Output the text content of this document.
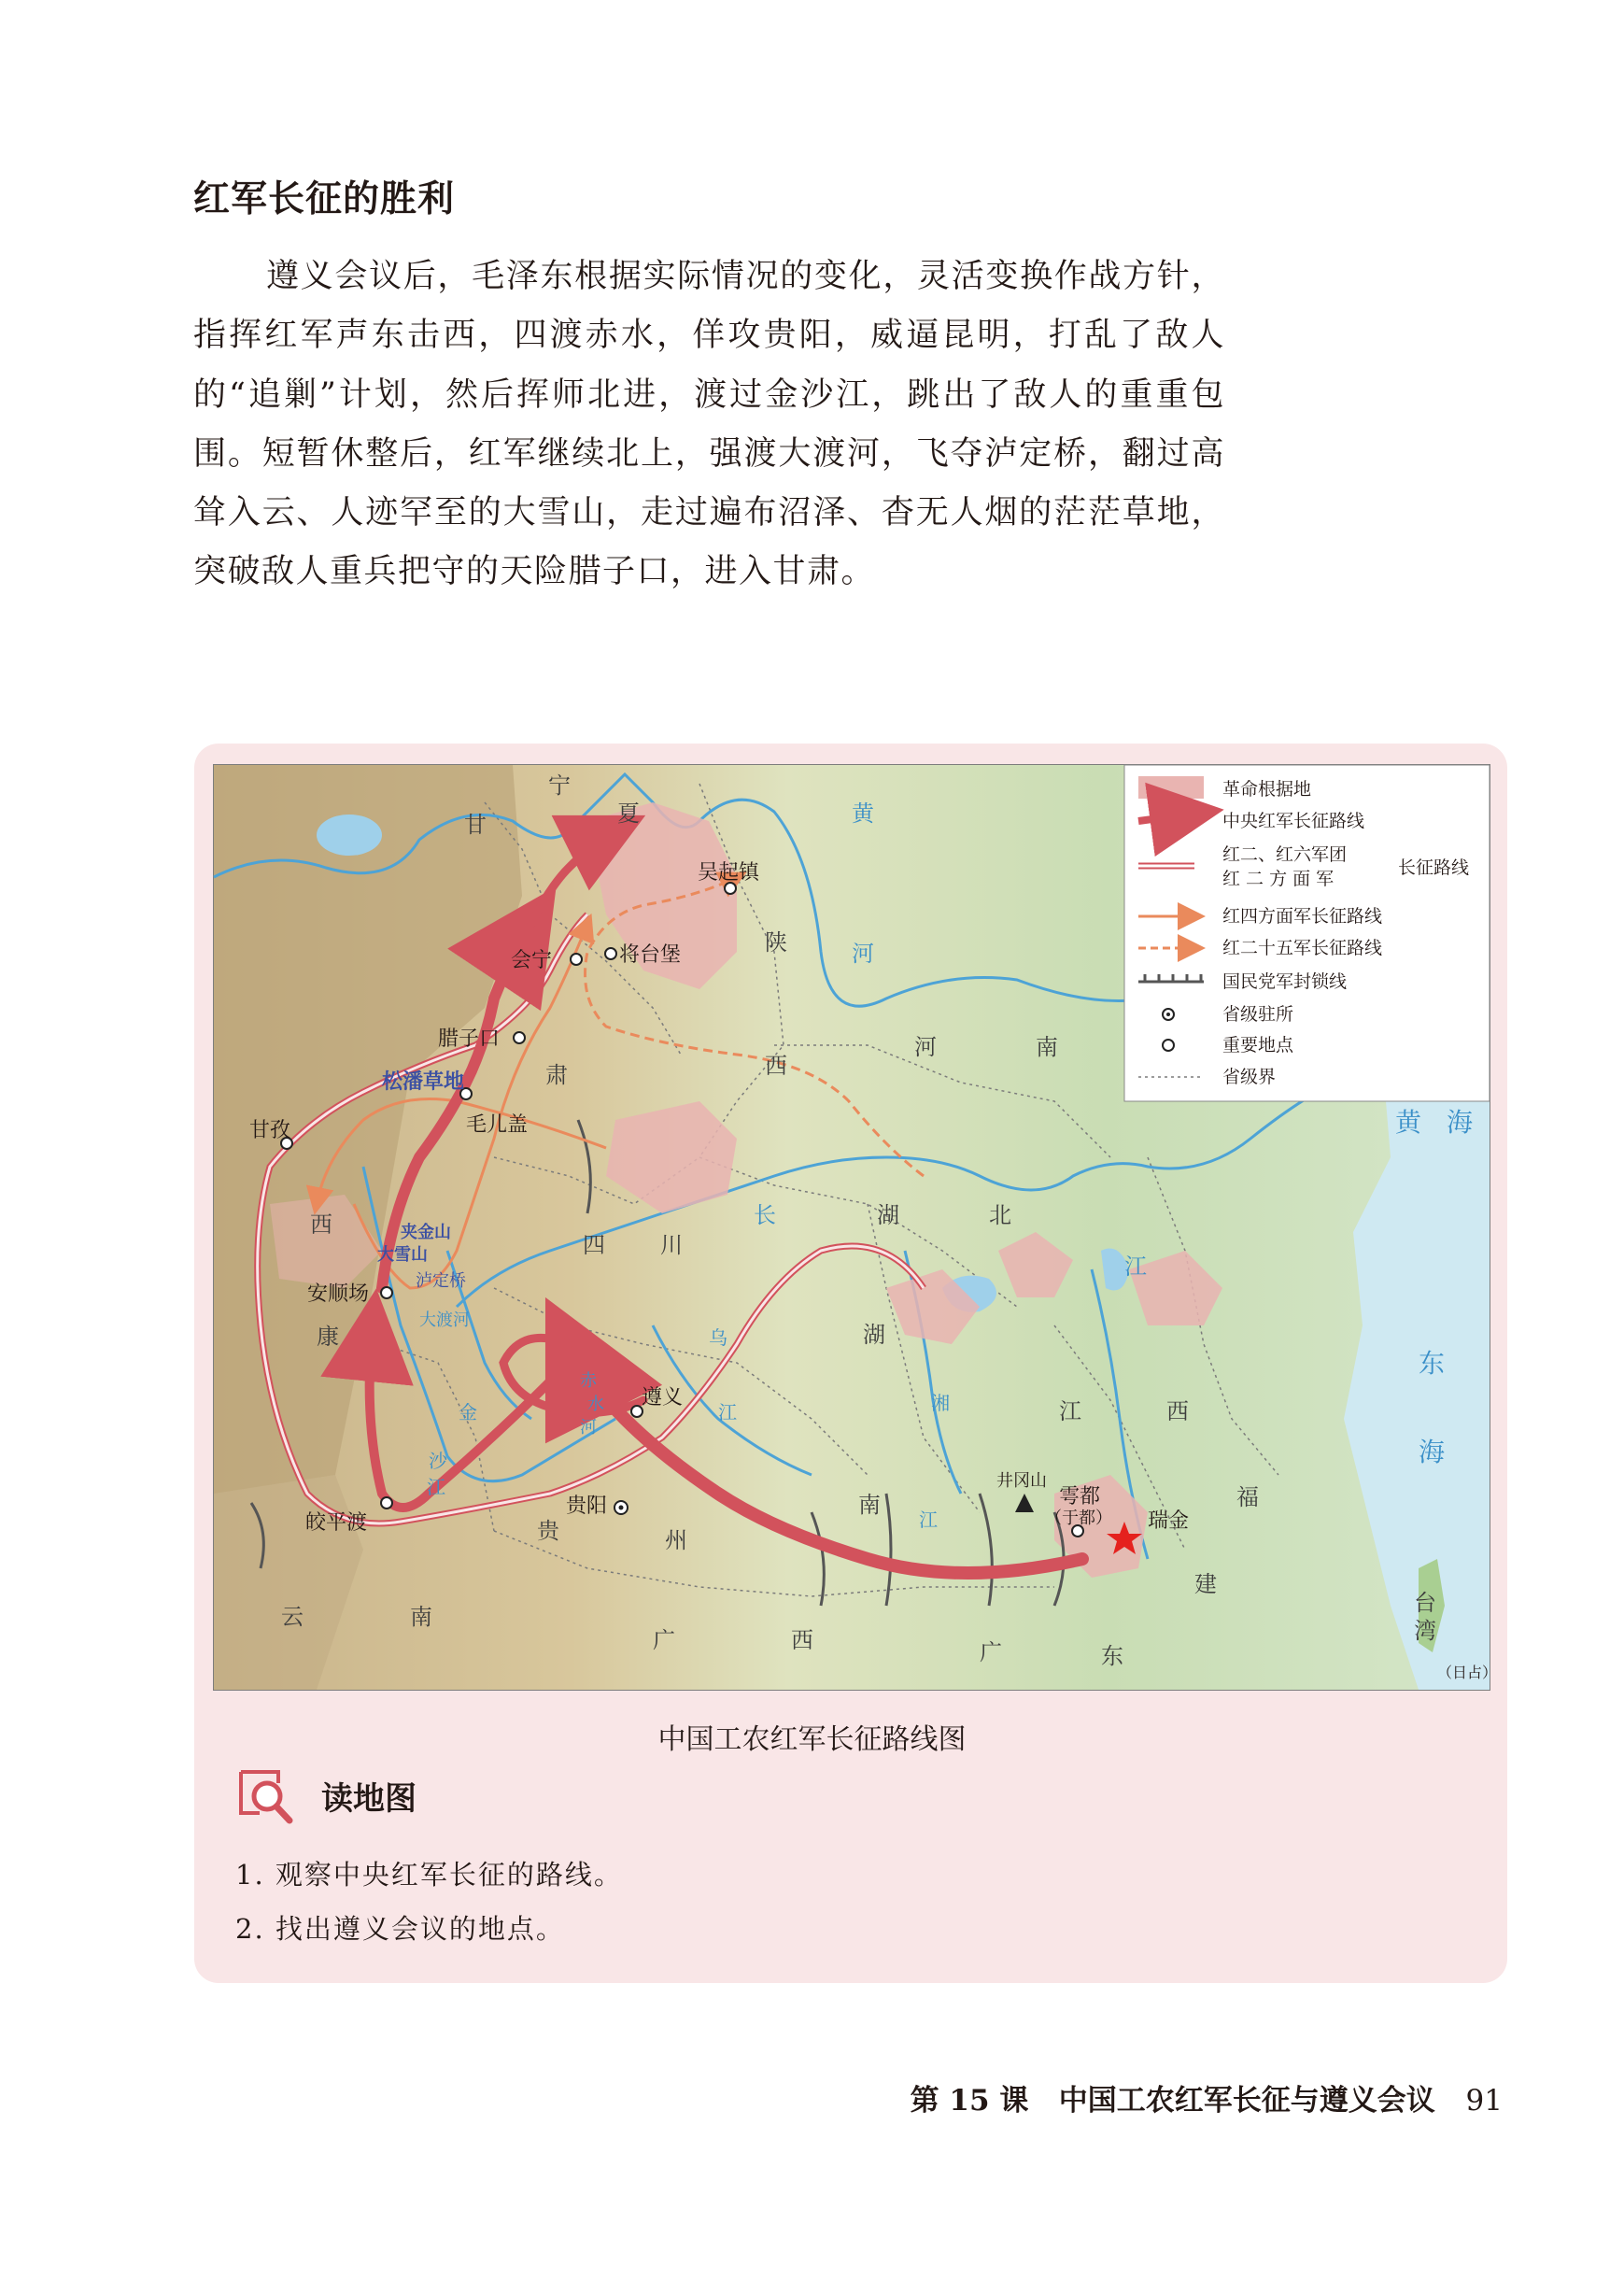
红军长征的胜利

遵义会议后，毛泽东根据实际情况的变化，灵活变换作战方针，指挥红军声东击西，四渡赤水，佯攻贵阳，威逼昆明，打乱了敌人的“追剿”计划，然后挥师北进，渡过金沙江，跳出了敌人的重重包围。短暂休整后，红军继续北上，强渡大渡河，飞夺泸定桥，翻过高耸入云、人迹罕至的大雪山，走过遍布沼泽、杳无人烟的茫茫草地，突破敌人重兵把守的天险腊子口，进入甘肃。

吴起镇
会宁	将台堡
腊子口
毛儿盖
甘孜
安顺场
泸定桥
遵义
贵阳
皎平渡
井冈山
雩都
（于都） 瑞金
（日占）
松潘草地
夹金山
大雪山
甘
宁
夏
陕
西
肃
河	南
湖	北
四 川
西
康	湖
南
贵	州
江	西
福
建
云	南
广	西	广	东
台
湾
黄
河
黄 海
东
海
长
江
乌
江	湘
江
金
沙
江
大渡河
赤
水
河
革命根据地
中央红军长征路线
红二、红六军团
红 二 方 面 军
长征路线
红四方面军长征路线
红二十五军长征路线
国民党军封锁线
省级驻所
重要地点
省级界

中国工农红军长征路线图

读地图
1. 观察中央红军长征的路线。
2. 找出遵义会议的地点。
第 15 课 中国工农红军长征与遵义会议 91
